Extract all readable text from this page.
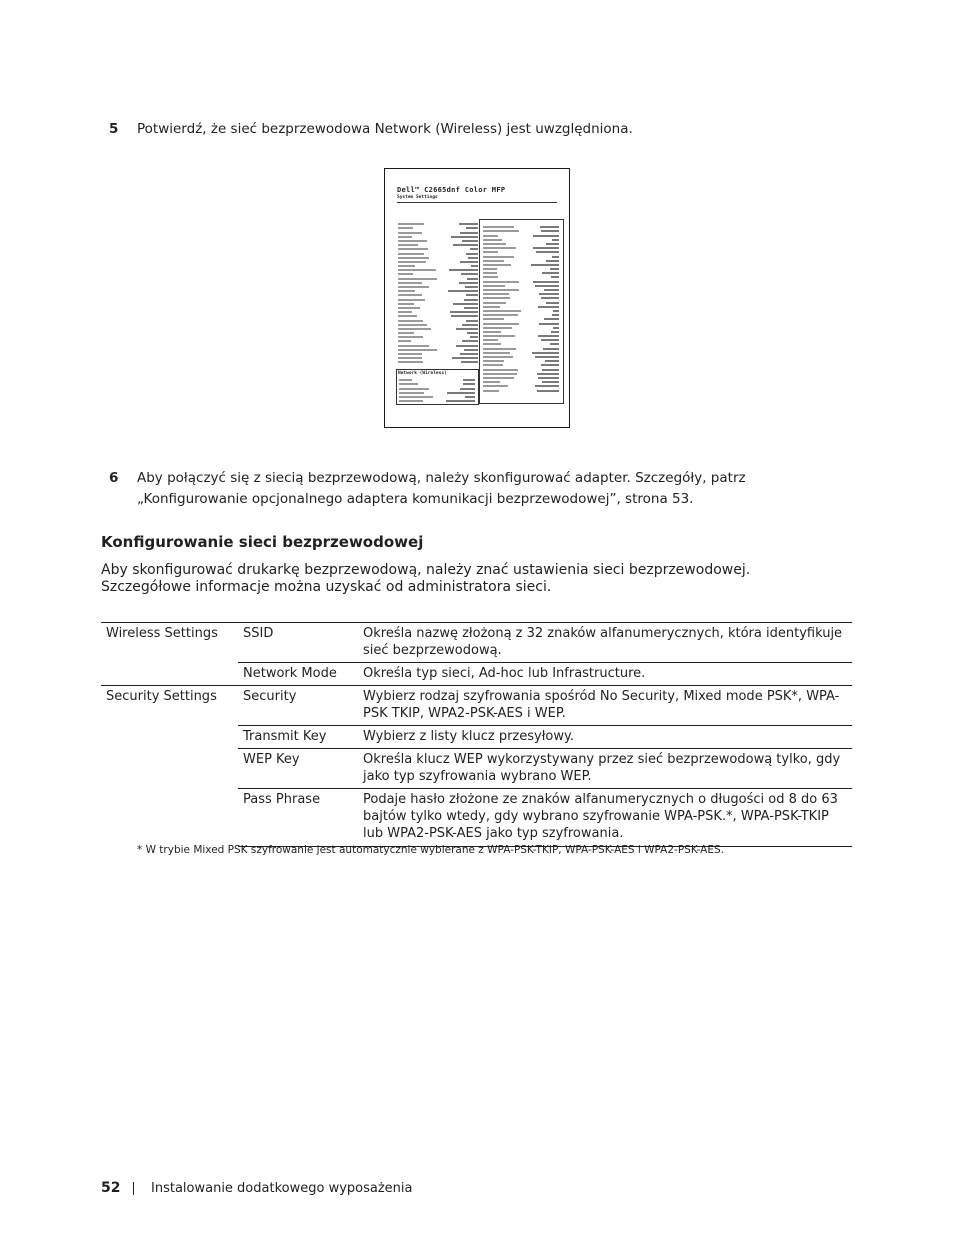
5 Potwierdź, że sieć bezprzewodowa Network (Wireless) jest uwzględniona.
Dell™ C2665dnf Color MFP
System Settings
Network (Wireless)
6 Aby połączyć się z siecią bezprzewodową, należy skonfigurować adapter. Szczegóły, patrz
„Konfigurowanie opcjonalnego adaptera komunikacji bezprzewodowej”, strona 53.
Konfigurowanie sieci bezprzewodowej
Aby skonfigurować drukarkę bezprzewodową, należy znać ustawienia sieci bezprzewodowej.
Szczegółowe informacje można uzyskać od administratora sieci.
Wireless Settings	SSID	Określa nazwę złożoną z 32 znaków alfanumerycznych, która identyfikuje sieć bezprzewodową.

	Network Mode	Określa typ sieci, Ad-hoc lub Infrastructure.

Security Settings	Security	Wybierz rodzaj szyfrowania spośród No Security, Mixed mode PSK*, WPA-PSK TKIP, WPA2-PSK-AES i WEP.

	Transmit Key	Wybierz z listy klucz przesyłowy.

	WEP Key	Określa klucz WEP wykorzystywany przez sieć bezprzewodową tylko, gdy jako typ szyfrowania wybrano WEP.

	Pass Phrase	Podaje hasło złożone ze znaków alfanumerycznych o długości od 8 do 63 bajtów tylko wtedy, gdy wybrano szyfrowanie WPA-PSK.*, WPA-PSK-TKIP lub WPA2-PSK-AES jako typ szyfrowania.
* W trybie Mixed PSK szyfrowanie jest automatycznie wybierane z WPA-PSK-TKIP, WPA-PSK-AES i WPA2-PSK-AES.
52 Instalowanie dodatkowego wyposażenia
